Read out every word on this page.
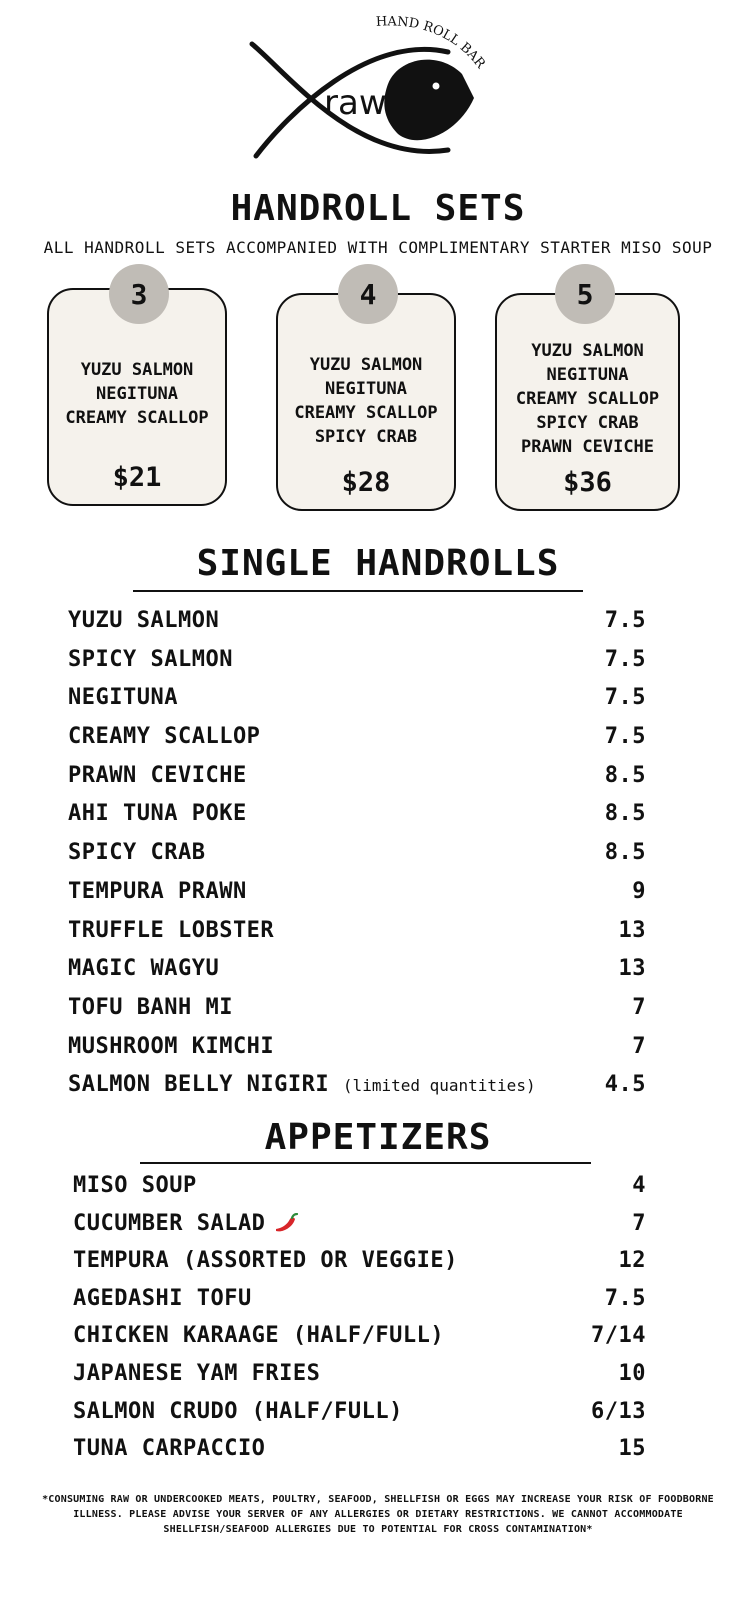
raw
HAND ROLL BAR
HANDROLL SETS
ALL HANDROLL SETS ACCOMPANIED WITH COMPLIMENTARY STARTER MISO SOUP
3
YUZU SALMON
NEGITUNA
CREAMY SCALLOP
$21
4
YUZU SALMON
NEGITUNA
CREAMY SCALLOP
SPICY CRAB
$28
5
YUZU SALMON
NEGITUNA
CREAMY SCALLOP
SPICY CRAB
PRAWN CEVICHE
$36
SINGLE HANDROLLS
YUZU SALMON	7.5
SPICY SALMON	7.5
NEGITUNA	7.5
CREAMY SCALLOP	7.5
PRAWN CEVICHE	8.5
AHI TUNA POKE	8.5
SPICY CRAB	8.5
TEMPURA PRAWN	9
TRUFFLE LOBSTER	13
MAGIC WAGYU	13
TOFU BANH MI	7
MUSHROOM KIMCHI	7
SALMON BELLY NIGIRI (limited quantities)	4.5
APPETIZERS
MISO SOUP	4
CUCUMBER SALAD	7
TEMPURA (ASSORTED OR VEGGIE)	12
AGEDASHI TOFU	7.5
CHICKEN KARAAGE (HALF/FULL)	7/14
JAPANESE YAM FRIES	10
SALMON CRUDO (HALF/FULL)	6/13
TUNA CARPACCIO	15
*CONSUMING RAW OR UNDERCOOKED MEATS, POULTRY, SEAFOOD, SHELLFISH OR EGGS MAY INCREASE YOUR RISK OF FOODBORNE
ILLNESS. PLEASE ADVISE YOUR SERVER OF ANY ALLERGIES OR DIETARY RESTRICTIONS. WE CANNOT ACCOMMODATE
SHELLFISH/SEAFOOD ALLERGIES DUE TO POTENTIAL FOR CROSS CONTAMINATION*
